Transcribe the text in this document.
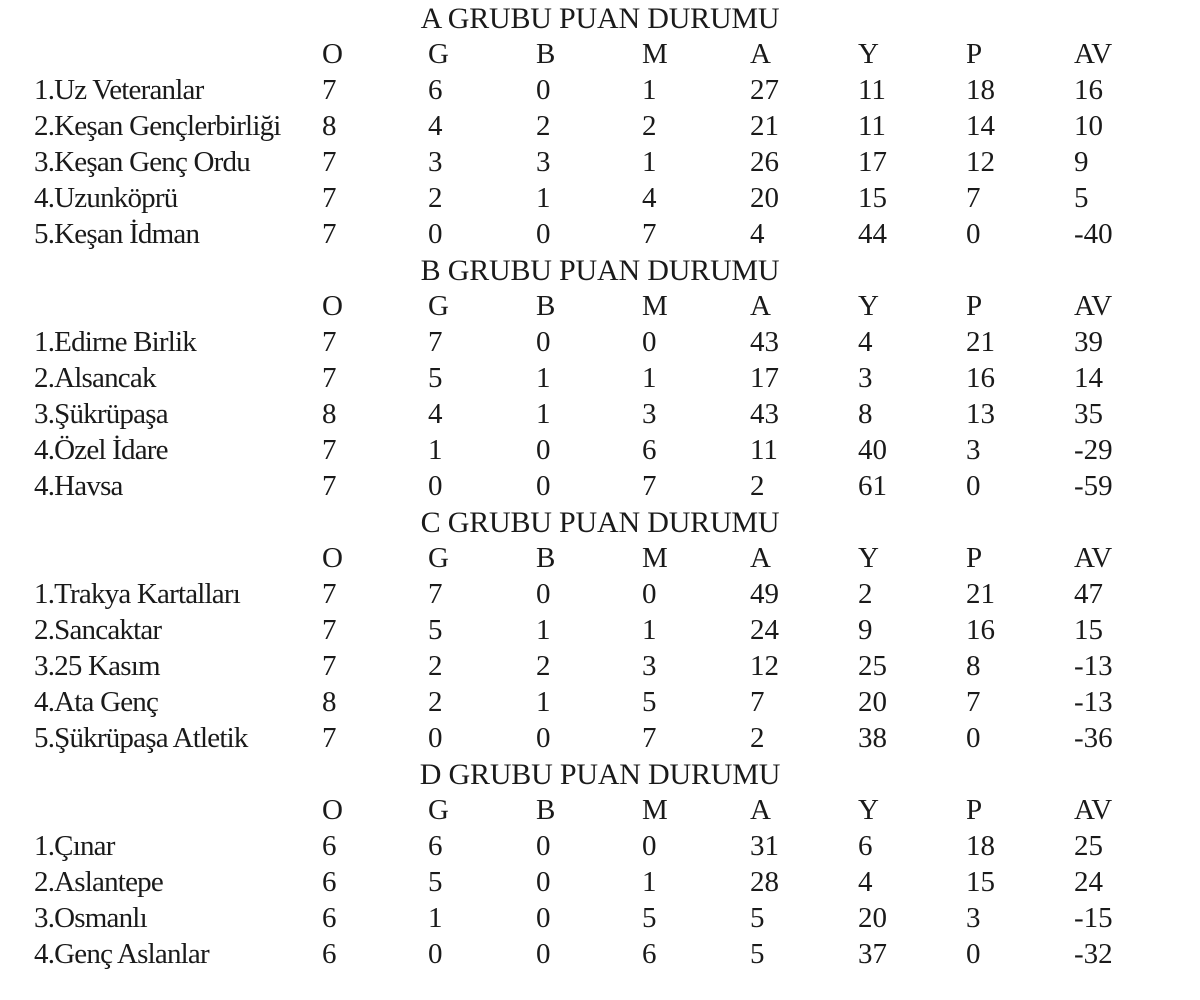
A GRUBU PUAN DURUMU
O	G	B	M	A	Y	P	AV
1.Uz Veteranlar	7	6	0	1	27	11	18	16
2.Keşan Gençlerbirliği 8	4	2	2	21	11	14	10
3.Keşan Genç Ordu 7	3	3	1	26	17	12	9
4.Uzunköprü	7	2	1	4	20	15	7	5
5.Keşan İdman	7	0	0	7	4	44	0	-40
B GRUBU PUAN DURUMU
O	G	B	M	A	Y	P	AV
1.Edirne Birlik	7	7	0	0	43	4	21	39
2.Alsancak	7	5	1	1	17	3	16	14
3.Şükrüpaşa	8	4	1	3	43	8	13	35
4.Özel İdare	7	1	0	6	11	40	3	-29
4.Havsa	7	0	0	7	2	61	0	-59
C GRUBU PUAN DURUMU
O	G	B	M	A	Y	P	AV
1.Trakya Kartalları	7	7	0	0	49	2	21	47
2.Sancaktar	7	5	1	1	24	9	16	15
3.25 Kasım	7	2	2	3	12	25	8	-13
4.Ata Genç	8	2	1	5	7	20	7	-13
5.Şükrüpaşa Atletik	7	0	0	7	2	38	0	-36
D GRUBU PUAN DURUMU
O	G	B	M	A	Y	P	AV
1.Çınar	6	6	0	0	31	6	18	25
2.Aslantepe	6	5	0	1	28	4	15	24
3.Osmanlı	6	1	0	5	5	20	3	-15
4.Genç Aslanlar	6	0	0	6	5	37	0	-32
